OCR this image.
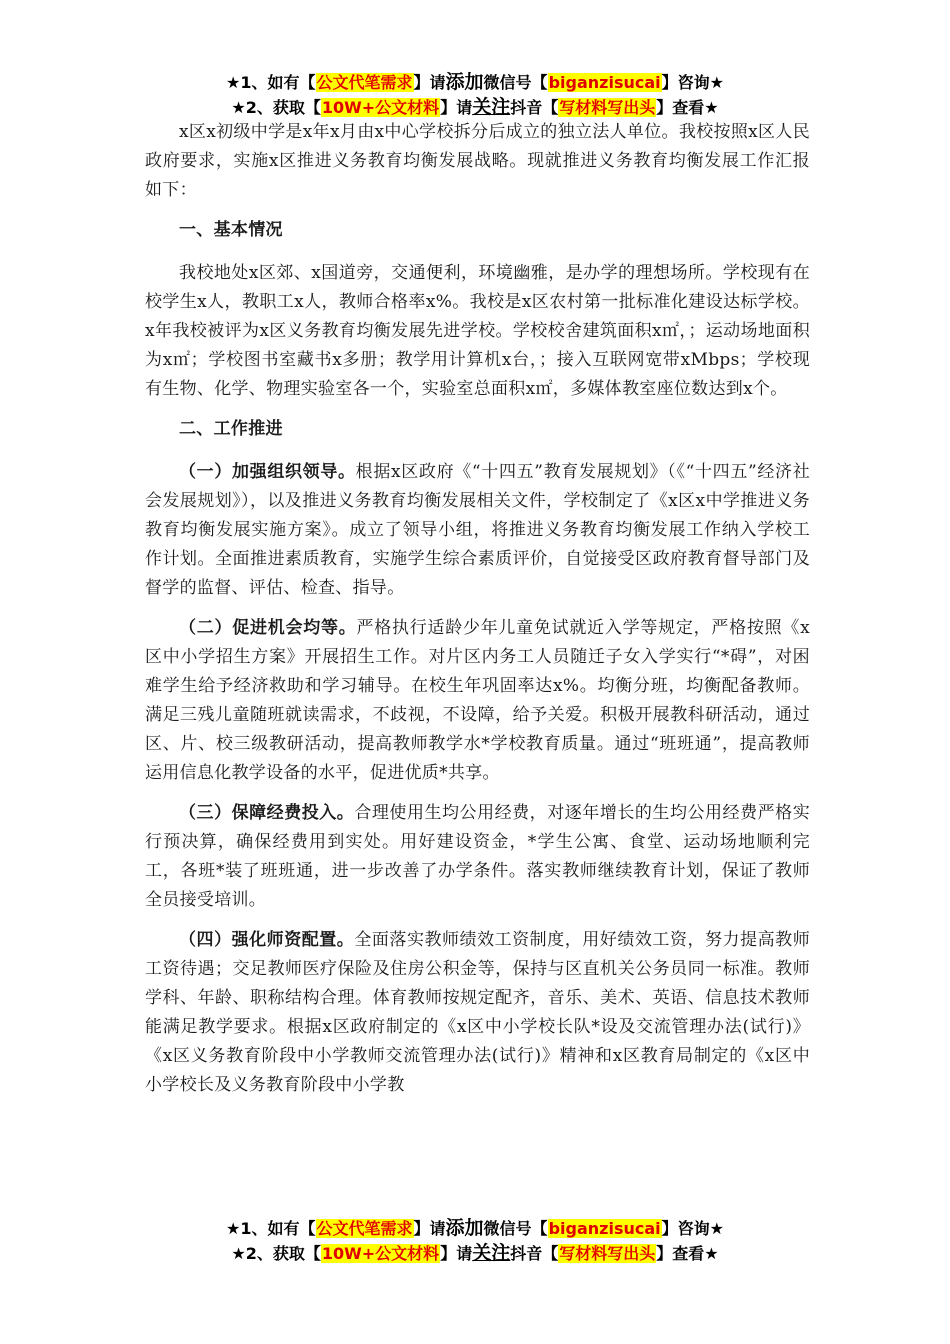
★1、如有【公文代笔需求】请添加微信号【biganzisucai】咨询★
★2、获取【10W+公文材料】请关注抖音【写材料写出头】查看★

x区x初级中学是x年x月由x中心学校拆分后成立的独立法人单位。我校按照x区人民政府要求，实施x区推进义务教育均衡发展战略。现就推进义务教育均衡发展工作汇报如下：

一、基本情况

我校地处x区郊、x国道旁，交通便利，环境幽雅，是办学的理想场所。学校现有在校学生x人，教职工x人，教师合格率x%。我校是x区农村第一批标准化建设达标学校。x年我校被评为x区义务教育均衡发展先进学校。学校校舍建筑面积x㎡，；运动场地面积为x㎡；学校图书室藏书x多册；教学用计算机x台，；接入互联网宽带xMbps；学校现有生物、化学、物理实验室各一个，实验室总面积x㎡，多媒体教室座位数达到x个。

二、工作推进

（一）加强组织领导。根据x区政府《“十四五”教育发展规划》（《“十四五”经济社会发展规划》），以及推进义务教育均衡发展相关文件，学校制定了《x区x中学推进义务教育均衡发展实施方案》。成立了领导小组，将推进义务教育均衡发展工作纳入学校工作计划。全面推进素质教育，实施学生综合素质评价，自觉接受区政府教育督导部门及督学的监督、评估、检查、指导。

（二）促进机会均等。严格执行适龄少年儿童免试就近入学等规定，严格按照《x区中小学招生方案》开展招生工作。对片区内务工人员随迁子女入学实行“*碍”，对困难学生给予经济救助和学习辅导。在校生年巩固率达x%。均衡分班，均衡配备教师。满足三残儿童随班就读需求，不歧视，不设障，给予关爱。积极开展教科研活动，通过区、片、校三级教研活动，提高教师教学水*学校教育质量。通过“班班通”，提高教师运用信息化教学设备的水平，促进优质*共享。

（三）保障经费投入。合理使用生均公用经费，对逐年增长的生均公用经费严格实行预决算，确保经费用到实处。用好建设资金，*学生公寓、食堂、运动场地顺利完工，各班*装了班班通，进一步改善了办学条件。落实教师继续教育计划，保证了教师全员接受培训。

（四）强化师资配置。全面落实教师绩效工资制度，用好绩效工资，努力提高教师工资待遇；交足教师医疗保险及住房公积金等，保持与区直机关公务员同一标准。教师学科、年龄、职称结构合理。体育教师按规定配齐，音乐、美术、英语、信息技术教师能满足教学要求。根据x区政府制定的《x区中小学校长队*设及交流管理办法(试行)》《x区义务教育阶段中小学教师交流管理办法(试行)》精神和x区教育局制定的《x区中小学校长及义务教育阶段中小学教

★1、如有【公文代笔需求】请添加微信号【biganzisucai】咨询★
★2、获取【10W+公文材料】请关注抖音【写材料写出头】查看★
